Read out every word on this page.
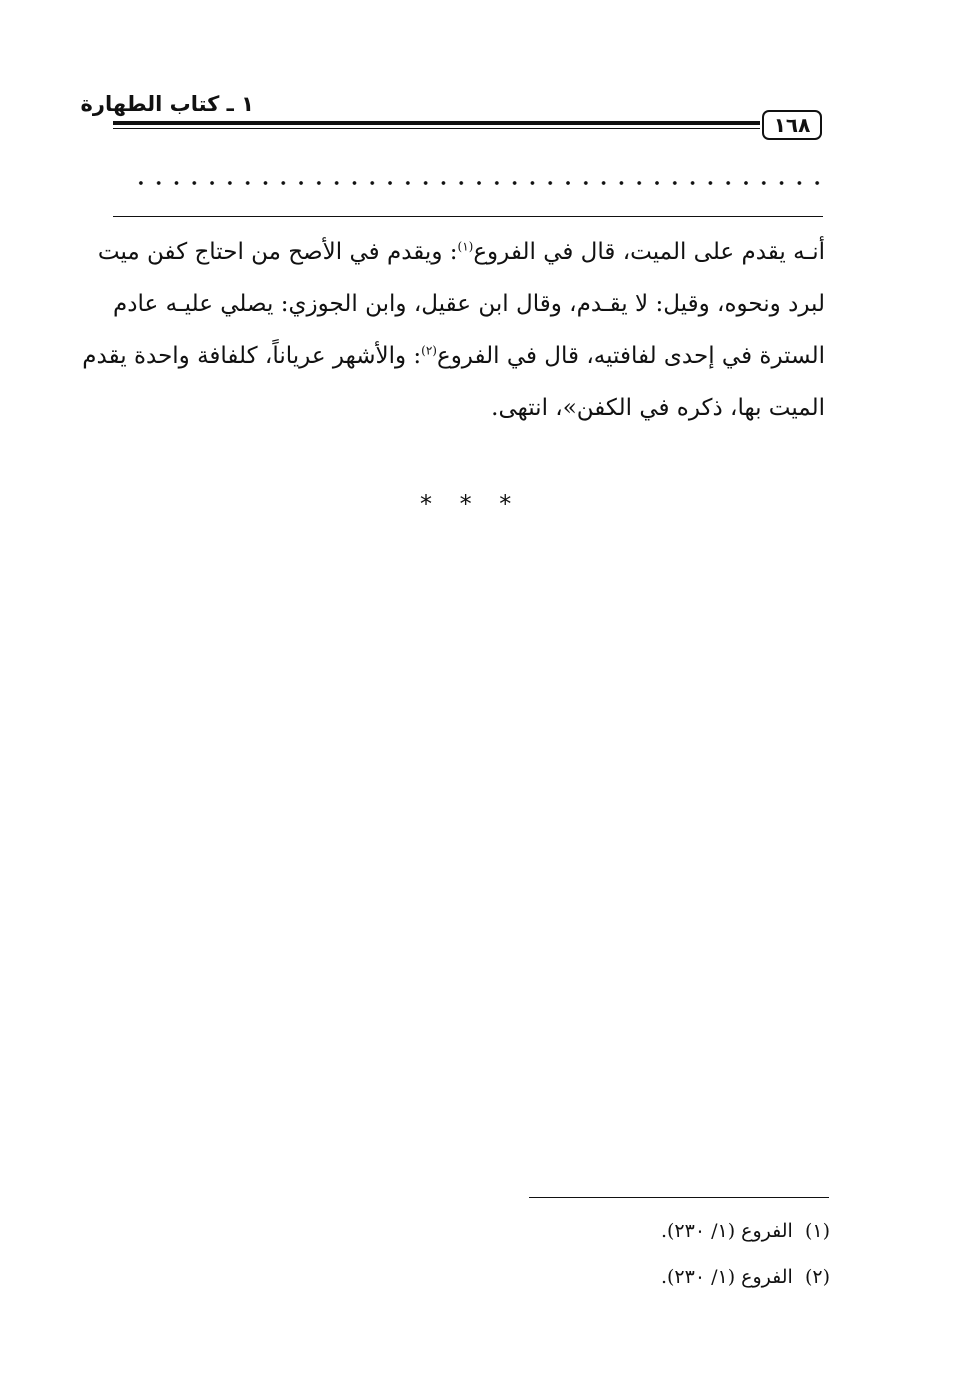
١ ـ كتاب الطهارة
١٦٨
أنـه يقدم على الميت، قال في الفروع$^{(١)}$: ويقدم في الأصح من احتاج كفن ميت
لبرد ونحوه، وقيل: لا يقـدم، وقال ابن عقيل، وابن الجوزي: يصلي عليـه عادم
السترة في إحدى لفافتيه، قال في الفروع$^{(٢)}$: والأشهر عرياناً، كلفافة واحدة يقدم
الميت بها، ذكره في الكفن»، انتهى.
* * *
(١)  الفروع (١/ ٢٣٠).
(٢)  الفروع (١/ ٢٣٠).
